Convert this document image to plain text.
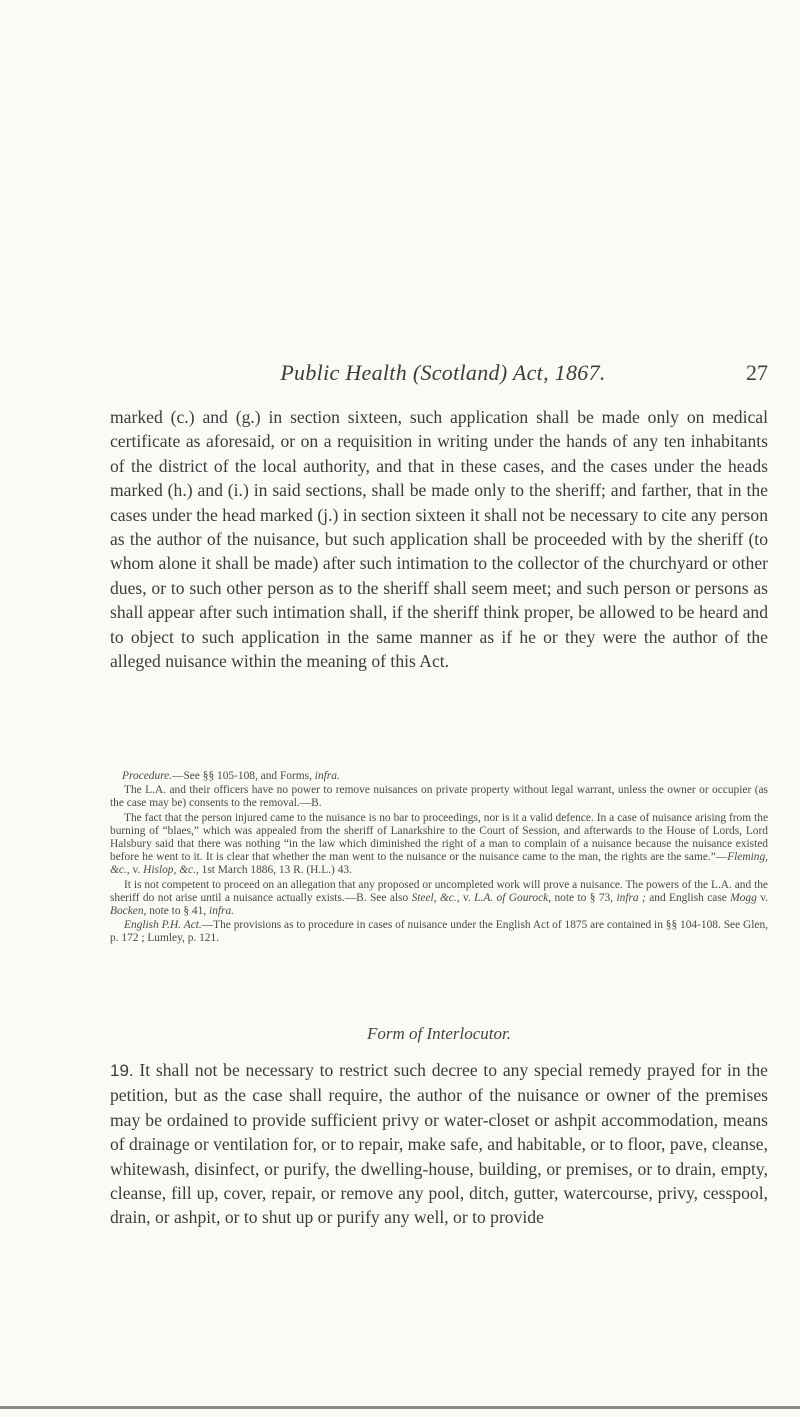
Public Health (Scotland) Act, 1867.	27

marked (c.) and (g.) in section sixteen, such application shall be made only on medical certificate as aforesaid, or on a requisition in writing under the hands of any ten inhabitants of the district of the local authority, and that in these cases, and the cases under the heads marked (h.) and (i.) in said sections, shall be made only to the sheriff; and farther, that in the cases under the head marked (j.) in section sixteen it shall not be necessary to cite any person as the author of the nuisance, but such application shall be proceeded with by the sheriff (to whom alone it shall be made) after such intimation to the collector of the churchyard or other dues, or to such other person as to the sheriff shall seem meet; and such person or persons as shall appear after such intimation shall, if the sheriff think proper, be allowed to be heard and to object to such application in the same manner as if he or they were the author of the alleged nuisance within the meaning of this Act.

Procedure.—See §§ 105-108, and Forms, infra.

The L.A. and their officers have no power to remove nuisances on private property without legal warrant, unless the owner or occupier (as the case may be) consents to the removal.—B.

The fact that the person injured came to the nuisance is no bar to proceedings, nor is it a valid defence. In a case of nuisance arising from the burning of “blaes,” which was appealed from the sheriff of Lanarkshire to the Court of Session, and afterwards to the House of Lords, Lord Halsbury said that there was nothing “in the law which diminished the right of a man to complain of a nuisance because the nuisance existed before he went to it. It is clear that whether the man went to the nuisance or the nuisance came to the man, the rights are the same.”—Fleming, &c., v. Hislop, &c., 1st March 1886, 13 R. (H.L.) 43.

It is not competent to proceed on an allegation that any proposed or uncompleted work will prove a nuisance. The powers of the L.A. and the sheriff do not arise until a nuisance actually exists.—B. See also Steel, &c., v. L.A. of Gourock, note to § 73, infra ; and English case Mogg v. Bocken, note to § 41, infra.

English P.H. Act.—The provisions as to procedure in cases of nuisance under the English Act of 1875 are contained in §§ 104-108. See Glen, p. 172 ; Lumley, p. 121.

Form of Interlocutor.

19. It shall not be necessary to restrict such decree to any special remedy prayed for in the petition, but as the case shall require, the author of the nuisance or owner of the premises may be ordained to provide sufficient privy or water-closet or ashpit accommodation, means of drainage or ventilation for, or to repair, make safe, and habitable, or to floor, pave, cleanse, whitewash, disinfect, or purify, the dwelling-house, building, or premises, or to drain, empty, cleanse, fill up, cover, repair, or remove any pool, ditch, gutter, watercourse, privy, cesspool, drain, or ashpit, or to shut up or purify any well, or to provide
